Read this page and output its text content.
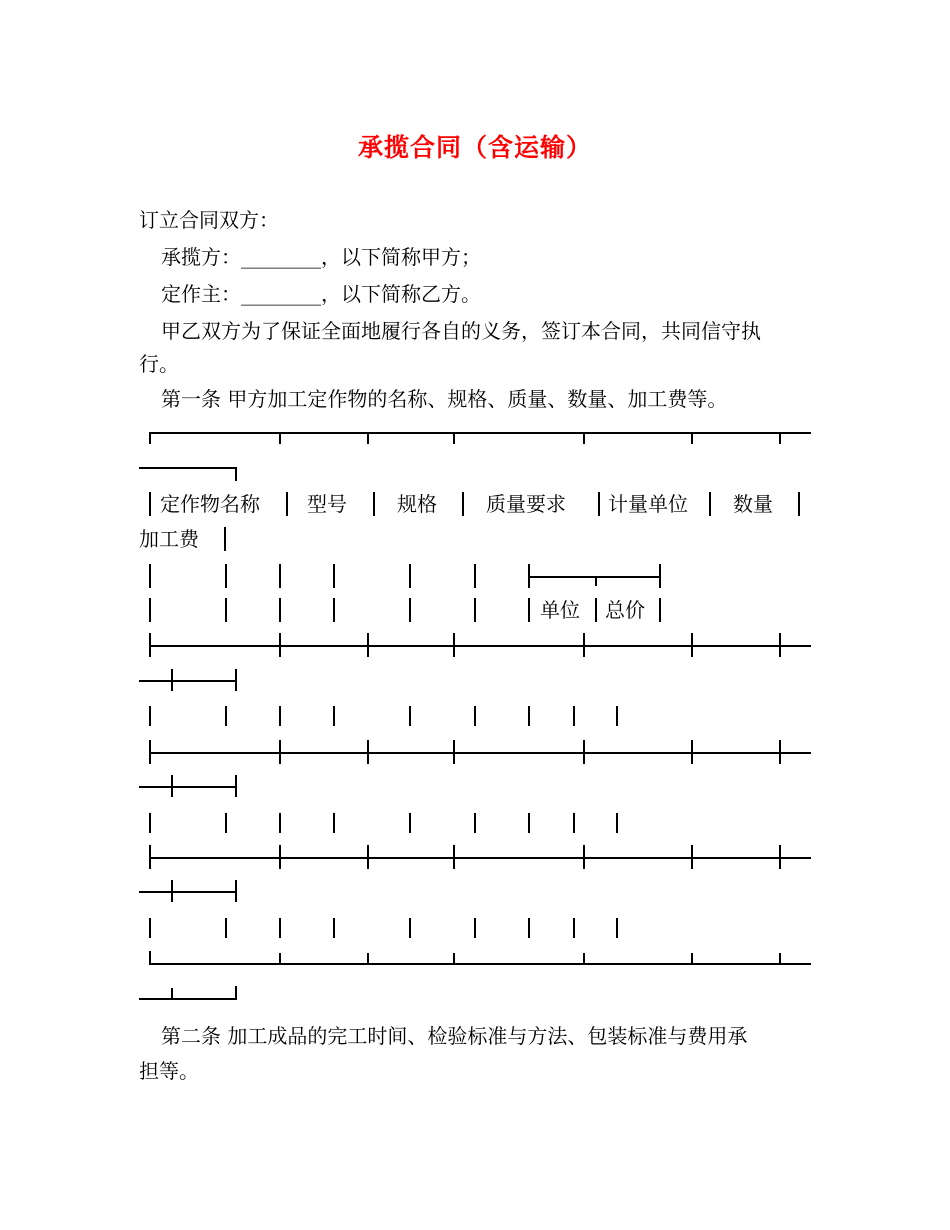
承揽合同（含运输）
订立合同双方：
承揽方：________，以下简称甲方；
定作主：________，以下简称乙方。
甲乙双方为了保证全面地履行各自的义务，签订本合同，共同信守执
行。
第一条 甲方加工定作物的名称、规格、质量、数量、加工费等。
定作物名称 型号	规格 质量要求 计量单位 数量
加工费
单位 总价
第二条 加工成品的完工时间、检验标准与方法、包装标准与费用承
担等。
